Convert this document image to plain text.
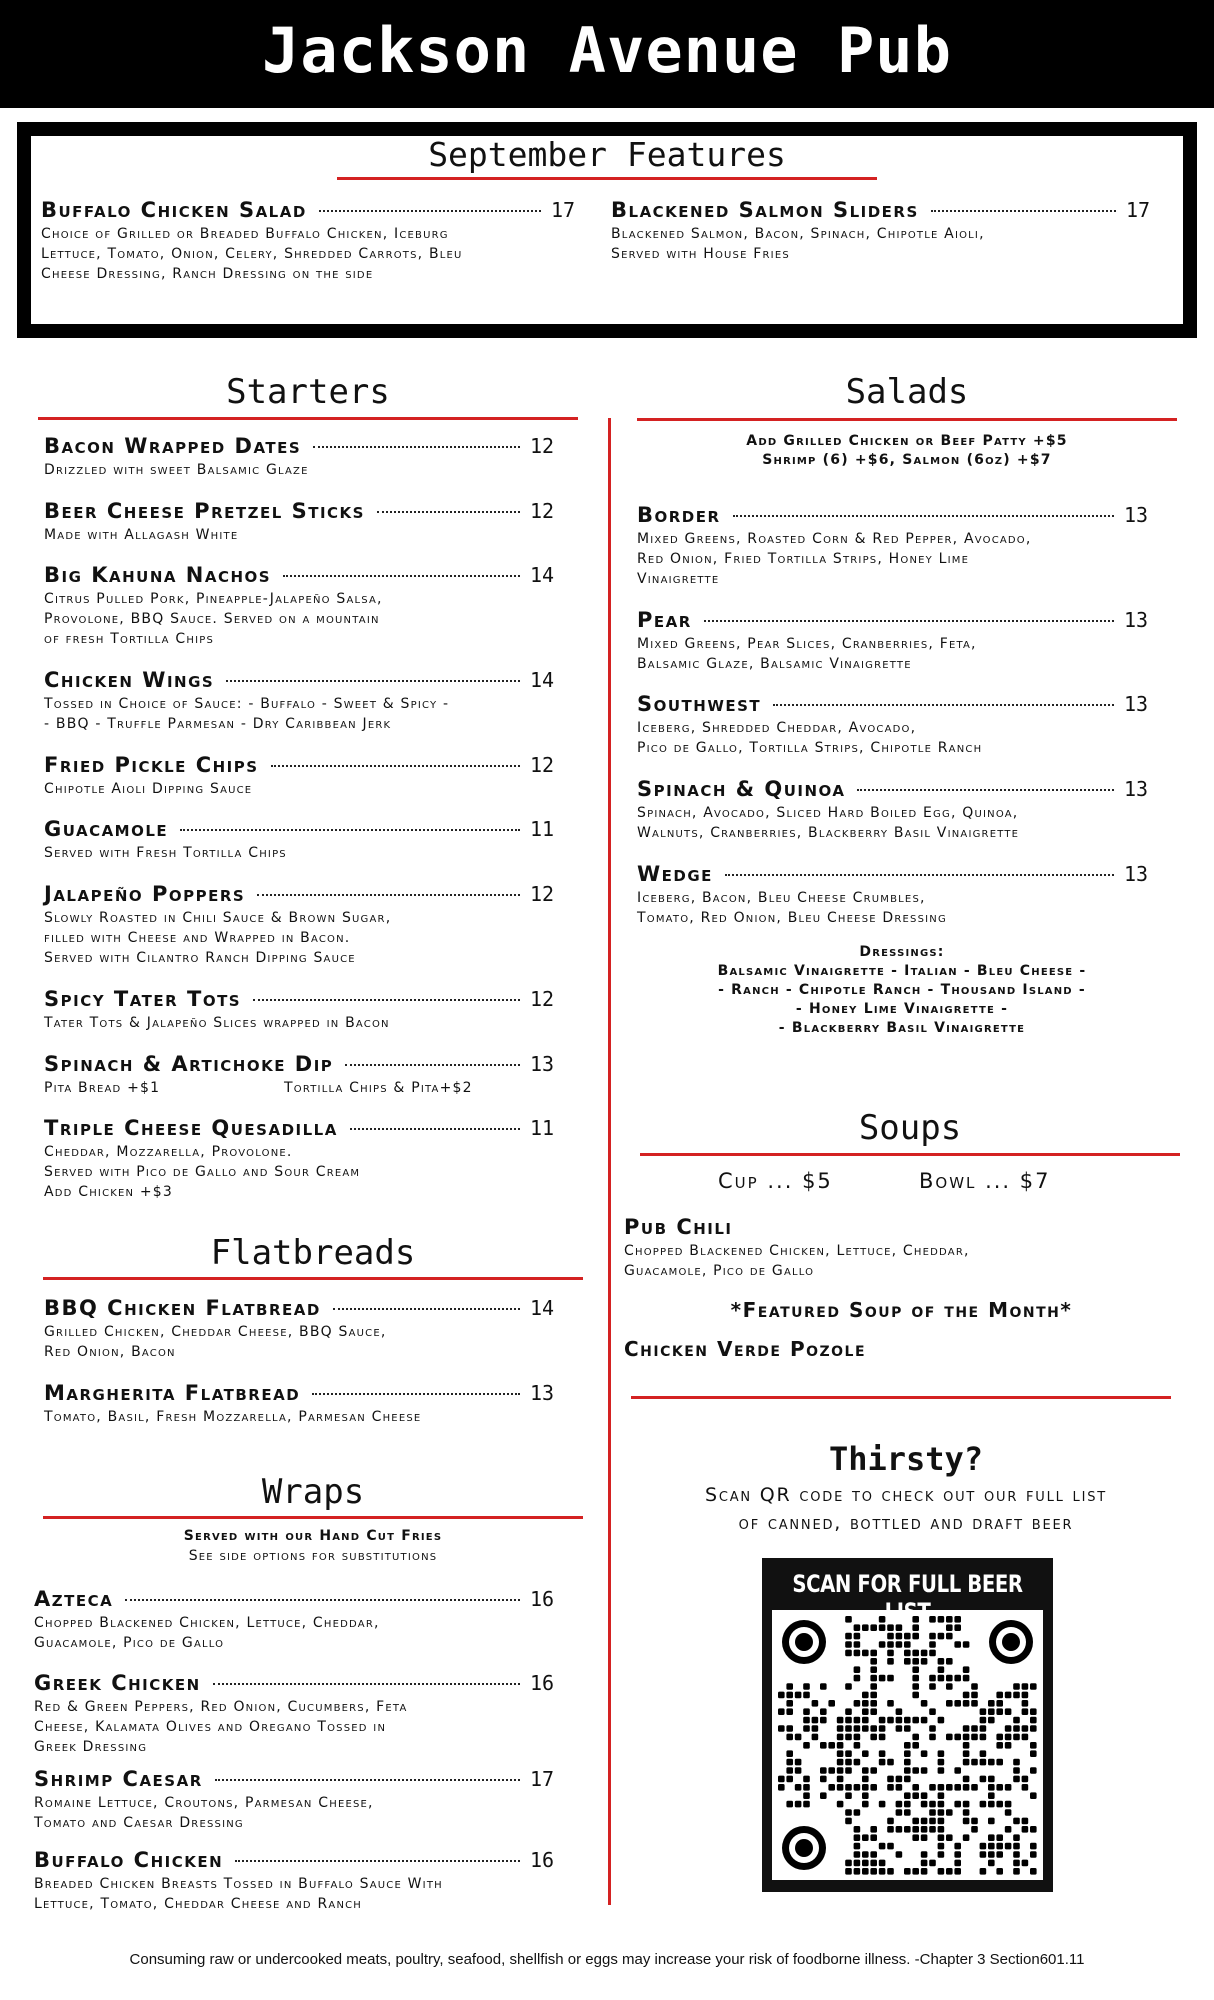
Jackson Avenue Pub
September Features
Buffalo Chicken Salad	17
Choice of Grilled or Breaded Buffalo Chicken, Iceburg
Lettuce, Tomato, Onion, Celery, Shredded Carrots, Bleu
Cheese Dressing, Ranch Dressing on the side
Blackened Salmon Sliders	17
Blackened Salmon, Bacon, Spinach, Chipotle Aioli,
Served with House Fries
Starters
Bacon Wrapped Dates	12
Drizzled with sweet Balsamic Glaze
Beer Cheese Pretzel Sticks	12
Made with Allagash White
Big Kahuna Nachos	14
Citrus Pulled Pork, Pineapple-Jalapeño Salsa,
Provolone, BBQ Sauce. Served on a mountain
of fresh Tortilla Chips
Chicken Wings	14
Tossed in Choice of Sauce: - Buffalo - Sweet & Spicy -
- BBQ - Truffle Parmesan - Dry Caribbean Jerk
Fried Pickle Chips	12
Chipotle Aioli Dipping Sauce
Guacamole	11
Served with Fresh Tortilla Chips
Jalapeño Poppers	12
Slowly Roasted in Chili Sauce & Brown Sugar,
filled with Cheese and Wrapped in Bacon.
Served with Cilantro Ranch Dipping Sauce
Spicy Tater Tots	12
Tater Tots & Jalapeño Slices wrapped in Bacon
Spinach & Artichoke Dip	13
Pita Bread +$1	Tortilla Chips & Pita+$2
Triple Cheese Quesadilla	11
Cheddar, Mozzarella, Provolone.
Served with Pico de Gallo and Sour Cream
Add Chicken +$3
Flatbreads
BBQ Chicken Flatbread	14
Grilled Chicken, Cheddar Cheese, BBQ Sauce,
Red Onion, Bacon
Margherita Flatbread	13
Tomato, Basil, Fresh Mozzarella, Parmesan Cheese
Wraps
Served with our Hand Cut Fries
See side options for substitutions
Azteca	16
Chopped Blackened Chicken, Lettuce, Cheddar,
Guacamole, Pico de Gallo
Greek Chicken	16
Red & Green Peppers, Red Onion, Cucumbers, Feta
Cheese, Kalamata Olives and Oregano Tossed in
Greek Dressing
Shrimp Caesar	17
Romaine Lettuce, Croutons, Parmesan Cheese,
Tomato and Caesar Dressing
Buffalo Chicken	16
Breaded Chicken Breasts Tossed in Buffalo Sauce With
Lettuce, Tomato, Cheddar Cheese and Ranch
Salads
Add Grilled Chicken or Beef Patty +$5
Shrimp (6) +$6, Salmon (6oz) +$7
Border	13
Mixed Greens, Roasted Corn & Red Pepper, Avocado,
Red Onion, Fried Tortilla Strips, Honey Lime
Vinaigrette
Pear	13
Mixed Greens, Pear Slices, Cranberries, Feta,
Balsamic Glaze, Balsamic Vinaigrette
Southwest	13
Iceberg, Shredded Cheddar, Avocado,
Pico de Gallo, Tortilla Strips, Chipotle Ranch
Spinach & Quinoa	13
Spinach, Avocado, Sliced Hard Boiled Egg, Quinoa,
Walnuts, Cranberries, Blackberry Basil Vinaigrette
Wedge	13
Iceberg, Bacon, Bleu Cheese Crumbles,
Tomato, Red Onion, Bleu Cheese Dressing
Dressings:
Balsamic Vinaigrette - Italian - Bleu Cheese -
- Ranch - Chipotle Ranch - Thousand Island -
- Honey Lime Vinaigrette -
- Blackberry Basil Vinaigrette
Soups
Cup ... $5	Bowl ... $7
Pub Chili
Chopped Blackened Chicken, Lettuce, Cheddar,
Guacamole, Pico de Gallo
*Featured Soup of the Month*
Chicken Verde Pozole
Thirsty?
Scan QR code to check out our full list
of canned, bottled and draft beer
SCAN FOR FULL BEER
Consuming raw or undercooked meats, poultry, seafood, shellfish or eggs may increase your risk of foodborne illness. -Chapter 3 Section601.11
